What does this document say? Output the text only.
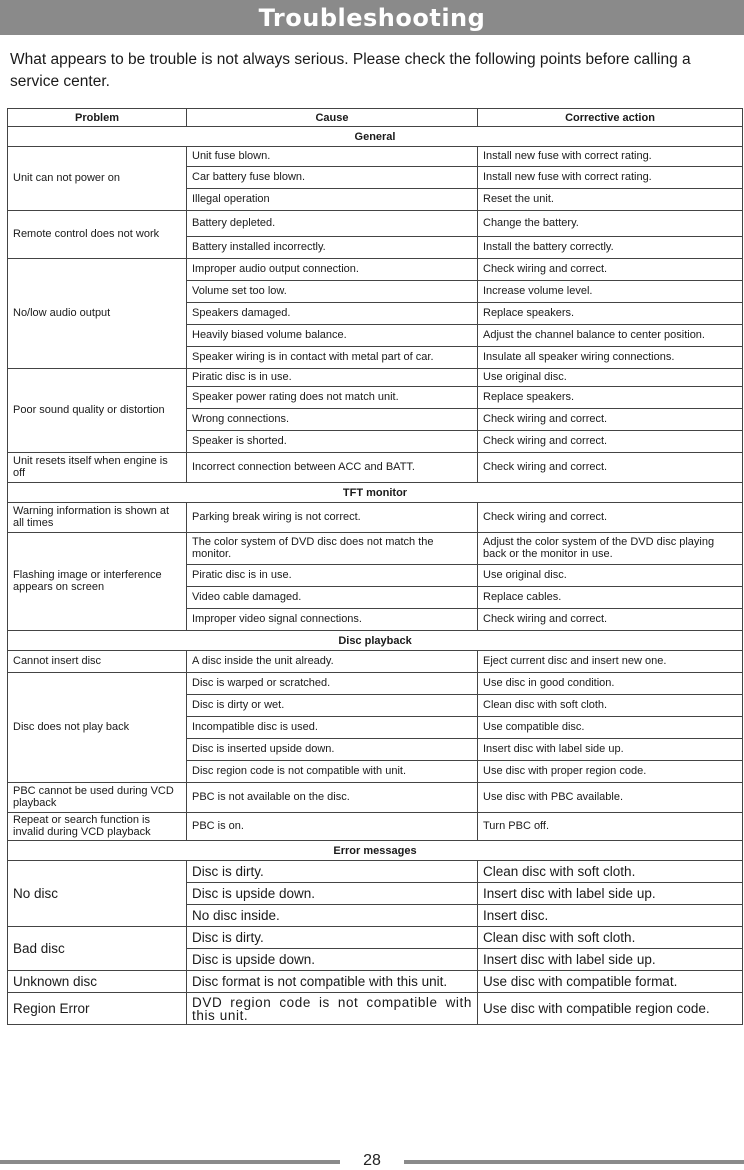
Troubleshooting
What appears to be trouble is not always serious. Please check the following points before calling a service center.
Problem	Cause	Corrective action
General		
Unit can not power on	Unit fuse blown.	Install new fuse with correct rating.
	Car battery fuse blown.	Install new fuse with correct rating.
	Illegal operation	Reset the unit.
Remote control does not work	Battery depleted.	Change the battery.
	Battery installed incorrectly.	Install the battery correctly.
No/low audio output	Improper audio output connection.	Check wiring and correct.
	Volume set too low.	Increase volume level.
	Speakers damaged.	Replace speakers.
	Heavily biased volume balance.	Adjust the channel balance to center position.
	Speaker wiring is in contact with metal part of car.	Insulate all speaker wiring connections.
Poor sound quality or distortion	Piratic disc is in use.	Use original disc.
	Speaker power rating does not match unit.	Replace speakers.
	Wrong connections.	Check wiring and correct.
	Speaker is shorted.	Check wiring and correct.
Unit resets itself when engine is off	Incorrect connection between ACC and BATT.	Check wiring and correct.
TFT monitor		
Warning information is shown at all times	Parking break wiring is not correct.	Check wiring and correct.
Flashing image or interference appears on screen	The color system of DVD disc does not match the monitor.	Adjust the color system of the DVD disc playing back or the monitor in use.
	Piratic disc is in use.	Use original disc.
	Video cable damaged.	Replace cables.
	Improper video signal connections.	Check wiring and correct.
Disc playback		
Cannot insert disc	A disc inside the unit already.	Eject current disc and insert new one.
Disc does not play back	Disc is warped or scratched.	Use disc in good condition.
	Disc is dirty or wet.	Clean disc with soft cloth.
	Incompatible disc is used.	Use compatible disc.
	Disc is inserted upside down.	Insert disc with label side up.
	Disc region code is not compatible with unit.	Use disc with proper region code.
PBC cannot be used during VCD playback	PBC is not available on the disc.	Use disc with PBC available.
Repeat or search function is invalid during VCD playback	PBC is on.	Turn PBC off.
Error messages		
No disc	Disc is dirty.	Clean disc with soft cloth.
	Disc is upside down.	Insert disc with label side up.
	No disc inside.	Insert disc.
Bad disc	Disc is dirty.	Clean disc with soft cloth.
	Disc is upside down.	Insert disc with label side up.
Unknown disc	Disc format is not compatible with this unit.	Use disc with compatible format.
Region Error	DVD region code is not compatible with this unit.	Use disc with compatible region code.
28
